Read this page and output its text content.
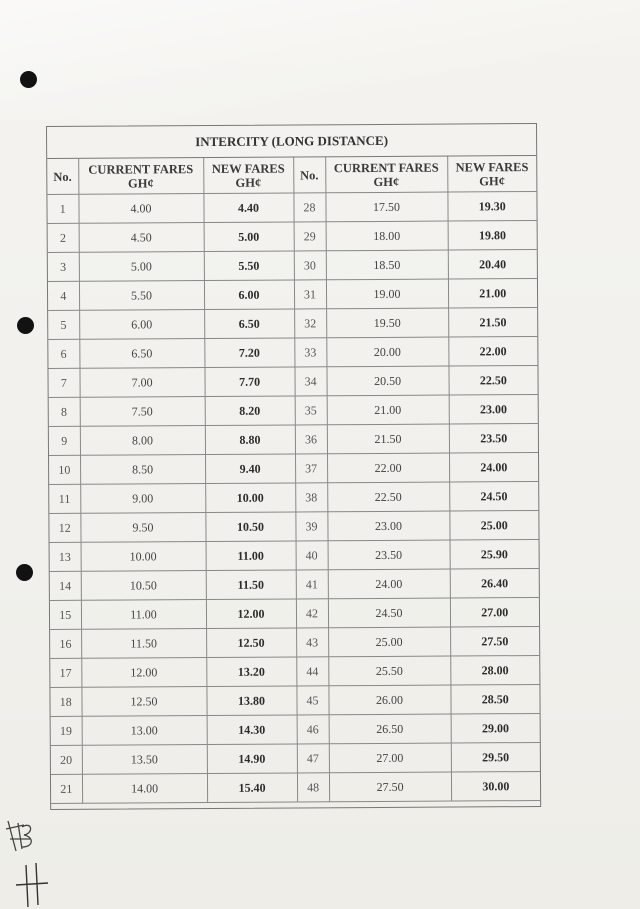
INTERCITY (LONG DISTANCE)
No.	CURRENT FARES GH¢	NEW FARES GH¢	No.	CURRENT FARES GH¢	NEW FARES GH¢
1	4.00	4.40	28	17.50	19.30
2	4.50	5.00	29	18.00	19.80
3	5.00	5.50	30	18.50	20.40
4	5.50	6.00	31	19.00	21.00
5	6.00	6.50	32	19.50	21.50
6	6.50	7.20	33	20.00	22.00
7	7.00	7.70	34	20.50	22.50
8	7.50	8.20	35	21.00	23.00
9	8.00	8.80	36	21.50	23.50
10	8.50	9.40	37	22.00	24.00
11	9.00	10.00	38	22.50	24.50
12	9.50	10.50	39	23.00	25.00
13	10.00	11.00	40	23.50	25.90
14	10.50	11.50	41	24.00	26.40
15	11.00	12.00	42	24.50	27.00
16	11.50	12.50	43	25.00	27.50
17	12.00	13.20	44	25.50	28.00
18	12.50	13.80	45	26.00	28.50
19	13.00	14.30	46	26.50	29.00
20	13.50	14.90	47	27.00	29.50
21	14.00	15.40	48	27.50	30.00
